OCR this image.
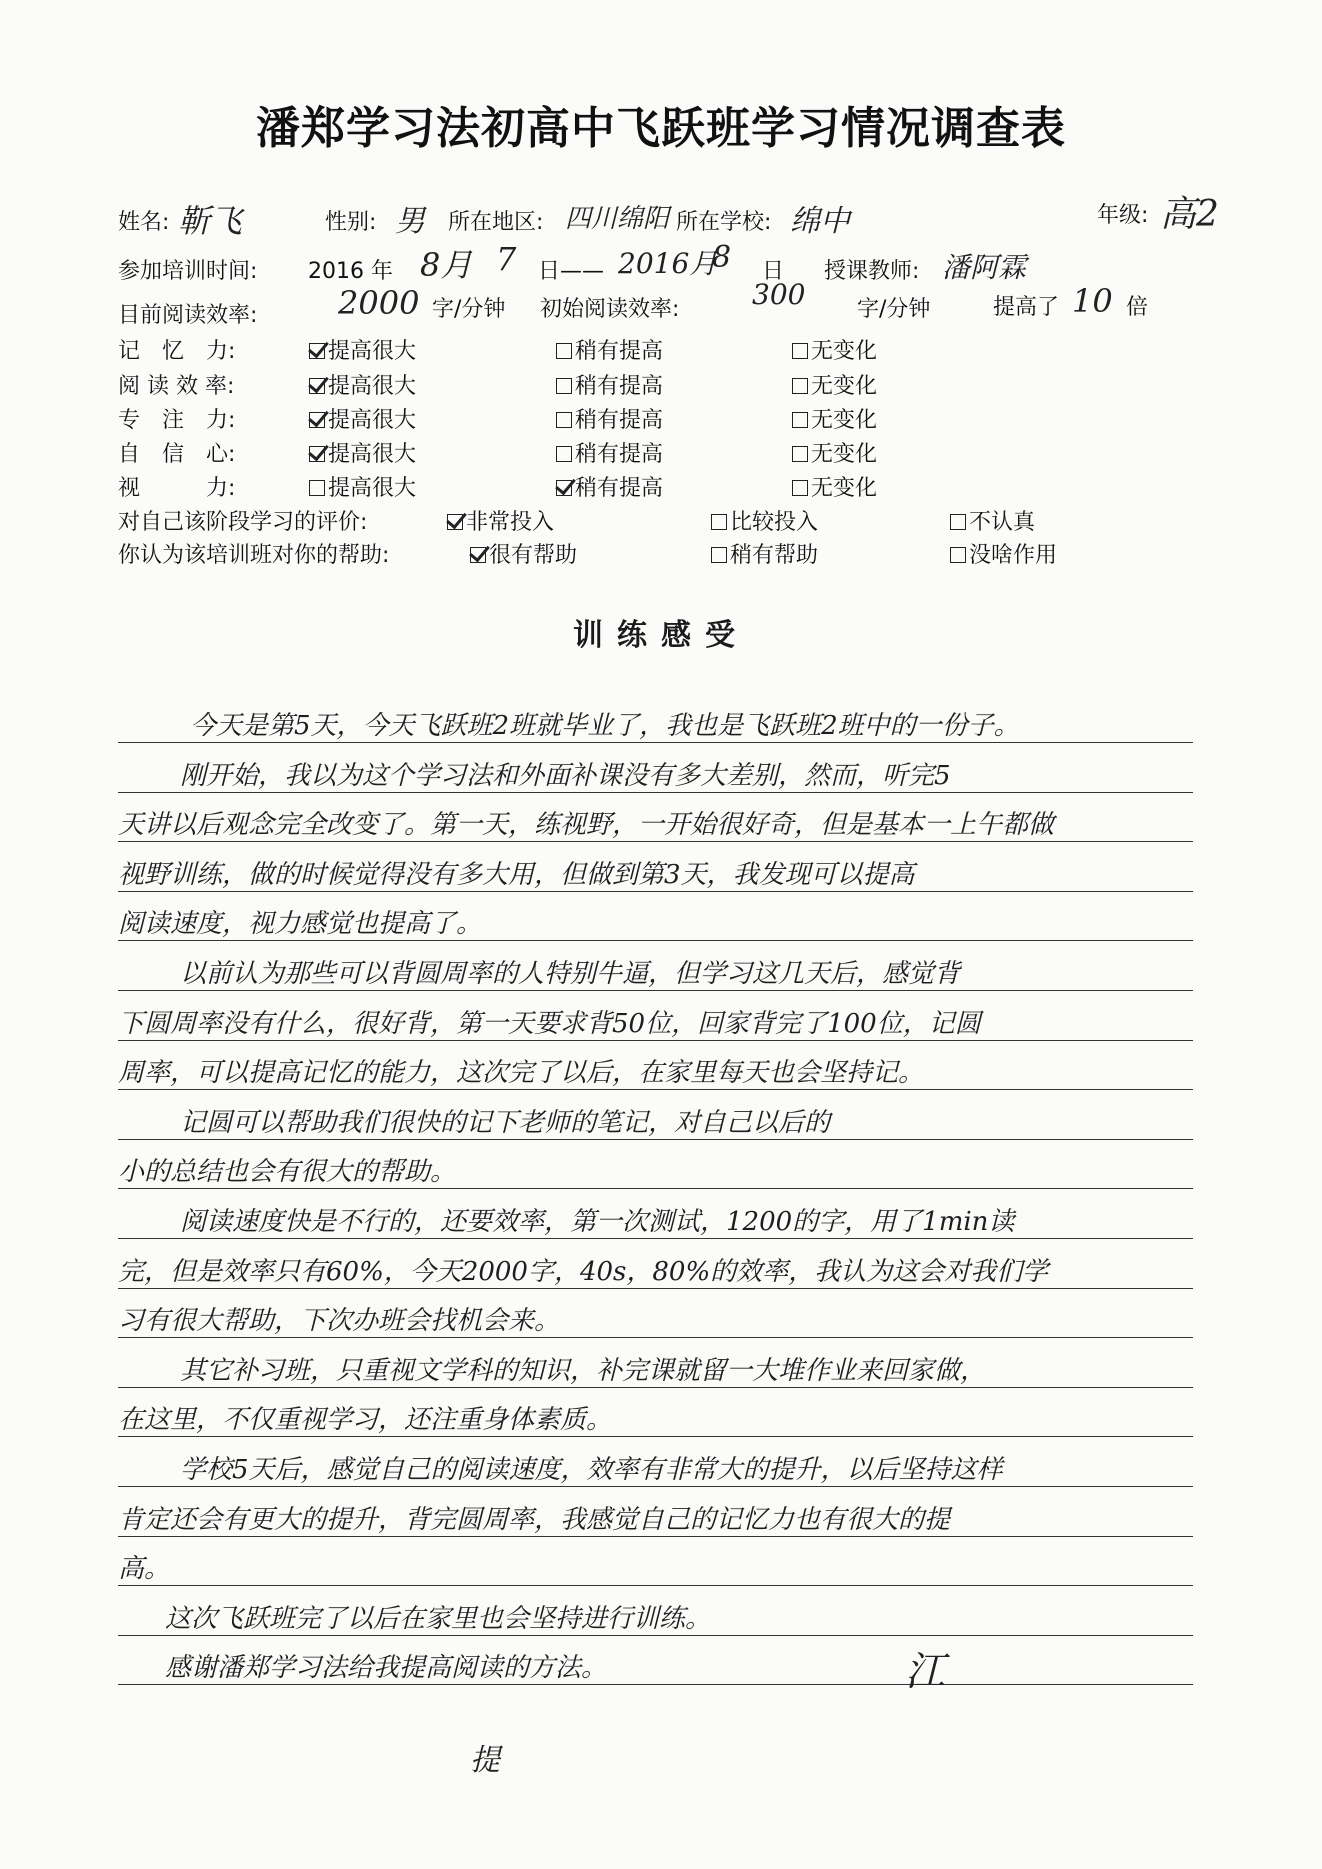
潘郑学习法初高中飞跃班学习情况调查表
姓名: 靳飞	性别: 男 所在地区: 四川绵阳 所在学校: 绵中	年级: 高2
参加培训时间: 2016 年 8月 7 日—— 2016月
8 日 授课教师: 潘阿霖
目前阅读效率:	2000 字/分钟 初始阅读效率:	300 字/分钟	提高了 10 倍
记　忆　力:	提高很大	稍有提高	无变化
阅 读 效 率:	提高很大	稍有提高	无变化
专　注　力:	提高很大	稍有提高	无变化
自　信　心:	提高很大	稍有提高	无变化
视　　　力:	提高很大	稍有提高	无变化
对自己该阶段学习的评价:	非常投入	比较投入	不认真
你认为该培训班对你的帮助:	很有帮助	稍有帮助	没啥作用
训练感受
今天是第5天，今天飞跃班2班就毕业了，我也是飞跃班2班中的一份子。
刚开始，我以为这个学习法和外面补课没有多大差别，然而，听完5
天讲以后观念完全改变了。第一天，练视野，一开始很好奇，但是基本一上午都做
视野训练，做的时候觉得没有多大用，但做到第3天，我发现可以提高
阅读速度，视力感觉也提高了。
以前认为那些可以背圆周率的人特别牛逼，但学习这几天后，感觉背
下圆周率没有什么，很好背，第一天要求背50位，回家背完了100位，记圆
周率，可以提高记忆的能力，这次完了以后，在家里每天也会坚持记。
记圆可以帮助我们很快的记下老师的笔记，对自己以后的
小的总结也会有很大的帮助。
阅读速度快是不行的，还要效率，第一次测试，1200的字，用了1min读
完，但是效率只有60%，今天2000字，40s，80%的效率，我认为这会对我们学
习有很大帮助，下次办班会找机会来。
其它补习班，只重视文学科的知识，补完课就留一大堆作业来回家做，
在这里，不仅重视学习，还注重身体素质。
学校5天后，感觉自己的阅读速度，效率有非常大的提升，以后坚持这样
肯定还会有更大的提升，背完圆周率，我感觉自己的记忆力也有很大的提
高。
这次飞跃班完了以后在家里也会坚持进行训练。
感谢潘郑学习法给我提高阅读的方法。	江
提
